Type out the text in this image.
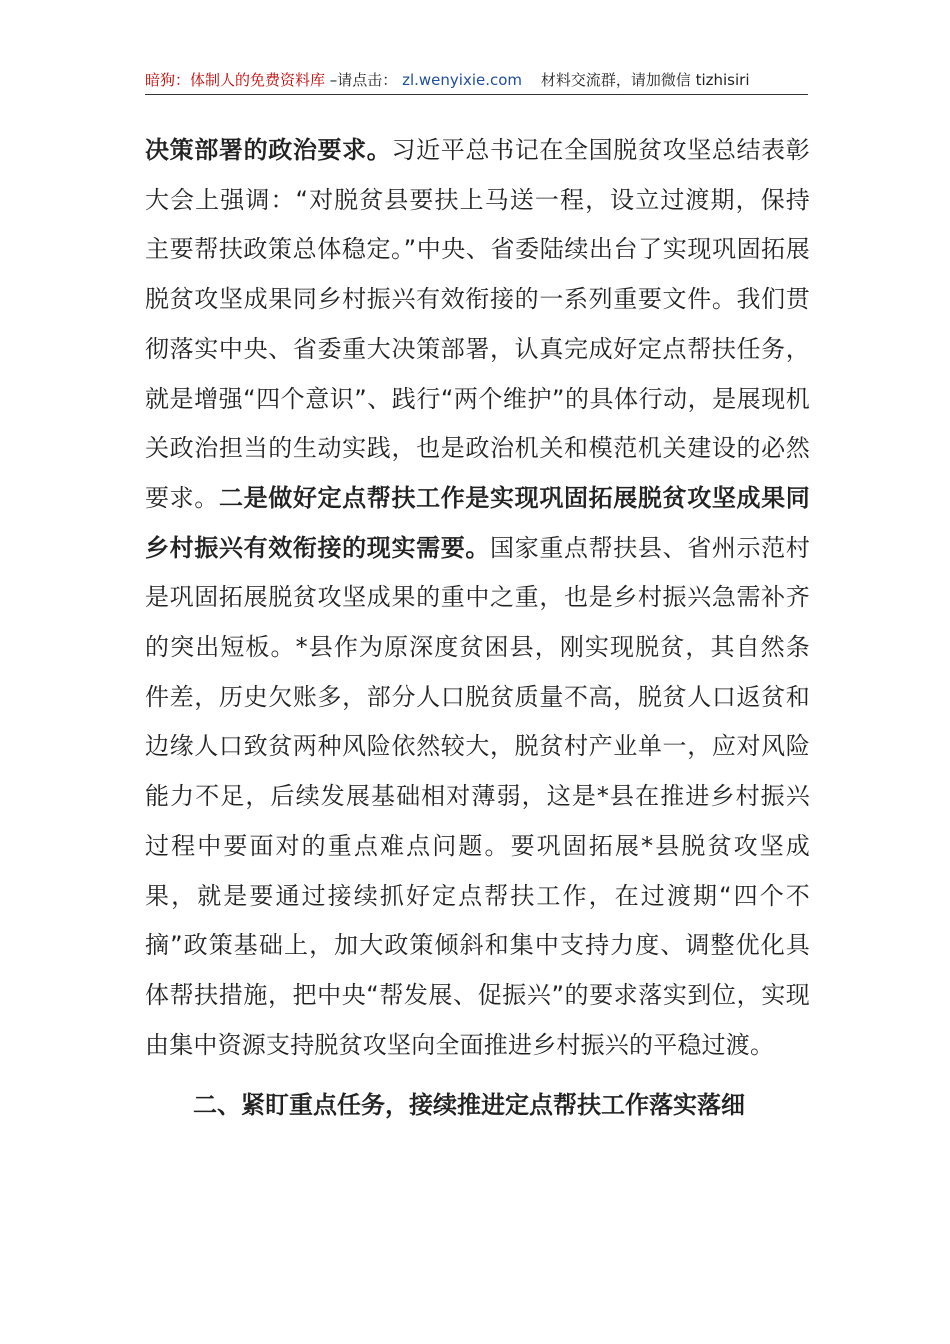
暗狗：体制人的免费资料库 –请点击： zl.wenyixie.com 材料交流群，请加微信 tizhisiri
决策部署的政治要求。习近平总书记在全国脱贫攻坚总结表彰大会上强调：“对脱贫县要扶上马送一程，设立过渡期，保持主要帮扶政策总体稳定。”中央、省委陆续出台了实现巩固拓展脱贫攻坚成果同乡村振兴有效衔接的一系列重要文件。我们贯彻落实中央、省委重大决策部署，认真完成好定点帮扶任务，就是增强“四个意识”、践行“两个维护”的具体行动，是展现机关政治担当的生动实践，也是政治机关和模范机关建设的必然要求。二是做好定点帮扶工作是实现巩固拓展脱贫攻坚成果同乡村振兴有效衔接的现实需要。国家重点帮扶县、省州示范村是巩固拓展脱贫攻坚成果的重中之重，也是乡村振兴急需补齐的突出短板。*县作为原深度贫困县，刚实现脱贫，其自然条件差，历史欠账多，部分人口脱贫质量不高，脱贫人口返贫和边缘人口致贫两种风险依然较大，脱贫村产业单一，应对风险能力不足，后续发展基础相对薄弱，这是*县在推进乡村振兴过程中要面对的重点难点问题。要巩固拓展*县脱贫攻坚成果，就是要通过接续抓好定点帮扶工作，在过渡期“四个不摘”政策基础上，加大政策倾斜和集中支持力度、调整优化具体帮扶措施，把中央“帮发展、促振兴”的要求落实到位，实现由集中资源支持脱贫攻坚向全面推进乡村振兴的平稳过渡。
二、紧盯重点任务，接续推进定点帮扶工作落实落细
